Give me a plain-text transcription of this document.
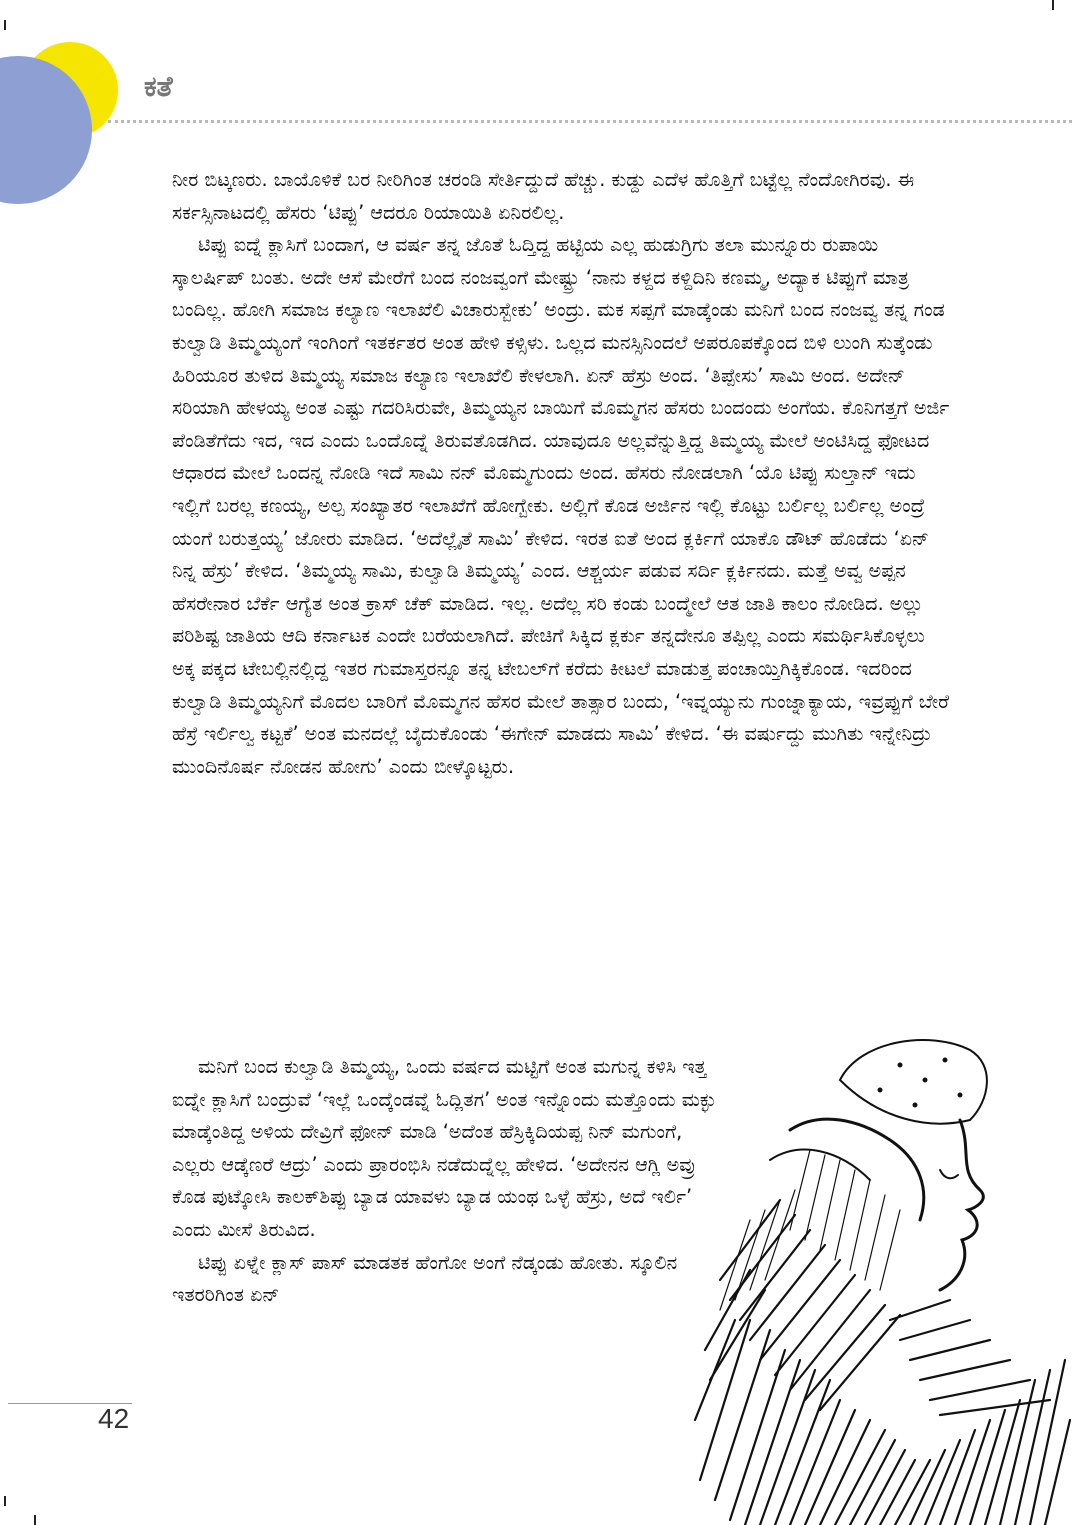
ಕತೆ

ನೀರ ಬಿಟ್ಕಣರು. ಬಾಯೊಳಿಕೆ ಬರ ನೀರಿಗಿಂತ ಚರಂಡಿ ಸೇರ್ತಿದ್ದುದೆ ಹೆಚ್ಚು. ಕುಡ್ದು ಎದೆಳ ಹೊತ್ತಿಗೆ ಬಟ್ಟೆಲ್ಲ ನೆಂದೋಗಿರವು. ಈ ಸರ್ಕಸ್ಸಿನಾಟದಲ್ಲಿ ಹೆಸರು ‘ಟಿಪ್ಪು’ ಆದರೂ ರಿಯಾಯಿತಿ ಏನಿರಲಿಲ್ಲ.

ಟಿಪ್ಪು ಐದ್ನೆ ಕ್ಲಾಸಿಗೆ ಬಂದಾಗ, ಆ ವರ್ಷ ತನ್ನ ಜೊತೆ ಓದ್ತಿದ್ದ ಹಟ್ಟಿಯ ಎಲ್ಲ ಹುಡುಗ್ರಿಗು ತಲಾ ಮುನ್ನೂರು ರುಪಾಯಿ ಸ್ಕಾಲರ್ಷಿಪ್ ಬಂತು. ಅದೇ ಆಸೆ ಮೇರೆಗೆ ಬಂದ ನಂಜವ್ವಂಗೆ ಮೇಷ್ಟ್ರು ‘ನಾನು ಕಳ್ದದ ಕಳ್ದಿದಿನಿ ಕಣಮ್ಮ, ಅದ್ಯಾಕ ಟಿಪ್ಪುಗೆ ಮಾತ್ರ ಬಂದಿಲ್ಲ. ಹೋಗಿ ಸಮಾಜ ಕಲ್ಯಾಣ ಇಲಾಖೆಲಿ ವಿಚಾರುಸ್ಬೇಕು’ ಅಂದ್ರು. ಮಕ ಸಪ್ಪಗೆ ಮಾಡ್ಕೆಂಡು ಮನಿಗೆ ಬಂದ ನಂಜವ್ವ ತನ್ನ ಗಂಡ ಕುಲ್ವಾಡಿ ತಿಮ್ಮಯ್ಯಂಗೆ ಇಂಗಿಂಗೆ ಇತರ್ಕತರ ಅಂತ ಹೇಳಿ ಕಳ್ಸಿಳು. ಒಲ್ಲದ ಮನಸ್ಸಿನಿಂದಲೆ ಅಪರೂಪಕ್ಕೊಂದ ಬಿಳಿ ಲುಂಗಿ ಸುತ್ಕೆಂಡು ಹಿರಿಯೂರ ತುಳಿದ ತಿಮ್ಮಯ್ಯ ಸಮಾಜ ಕಲ್ಯಾಣ ಇಲಾಖೆಲಿ ಕೇಳಲಾಗಿ. ಏನ್ ಹೆಸ್ರು ಅಂದ. ‘ತಿಪ್ಪೇಸು’ ಸಾಮಿ ಅಂದ. ಅದೇನ್ ಸರಿಯಾಗಿ ಹೇಳಯ್ಯ ಅಂತ ಎಷ್ಟು ಗದರಿಸಿರುವೇ, ತಿಮ್ಮಯ್ಯನ ಬಾಯಿಗೆ ಮೊಮ್ಮಗನ ಹೆಸರು ಬಂದಂದು ಅಂಗೆಯ. ಕೊನಿಗತ್ತಗೆ ಅರ್ಜಿ ಪೆಂಡಿತೆಗೆದು ಇದ, ಇದ ಎಂದು ಒಂದೊದ್ನೆ ತಿರುವತೊಡಗಿದ. ಯಾವುದೂ ಅಲ್ಲವೆನ್ನುತ್ತಿದ್ದ ತಿಮ್ಮಯ್ಯ ಮೇಲೆ ಅಂಟಿಸಿದ್ದ ಫೋಟದ ಆಧಾರದ ಮೇಲೆ ಒಂದನ್ನ ನೋಡಿ ಇದೆ ಸಾಮಿ ನನ್ ಮೊಮ್ಮಗುಂದು ಅಂದ. ಹೆಸರು ನೋಡಲಾಗಿ ‘ಯೊ ಟಿಪ್ಪು ಸುಲ್ತಾನ್ ಇದು ಇಲ್ಲಿಗೆ ಬರಲ್ಲ ಕಣಯ್ಯ, ಅಲ್ಪ ಸಂಖ್ಯಾತರ ಇಲಾಖೆಗೆ ಹೋಗ್ಬೇಕು. ಅಲ್ಲಿಗೆ ಕೊಡ ಅರ್ಜಿನ ಇಲ್ಲಿ ಕೊಟ್ಟು ಬರ್ಲಿಲ್ಲ ಬರ್ಲಿಲ್ಲ ಅಂದ್ರೆ ಯಂಗೆ ಬರುತ್ತಯ್ಯ’ ಜೋರು ಮಾಡಿದ. ‘ಅದೆಲ್ಲೈತೆ ಸಾಮಿ’ ಕೇಳಿದ. ಇರತ ಐತೆ ಅಂದ ಕ್ಲರ್ಕಿಗೆ ಯಾಕೊ ಡೌಟ್ ಹೊಡೆದು ‘ಏನ್ ನಿನ್ನ ಹೆಸ್ರು’ ಕೇಳಿದ. ‘ತಿಮ್ಮಯ್ಯ ಸಾಮಿ, ಕುಲ್ವಾಡಿ ತಿಮ್ಮಯ್ಯ’ ಎಂದ. ಆಶ್ಚರ್ಯ ಪಡುವ ಸರ್ದಿ ಕ್ಲರ್ಕಿನದು. ಮತ್ತೆ ಅವ್ವ ಅಪ್ಪನ ಹೆಸರೇನಾರ ಬೆರ್ಕೆ ಆಗ್ಯೆತ ಅಂತ ಕ್ರಾಸ್ ಚೆಕ್ ಮಾಡಿದ. ಇಲ್ಲ. ಅದೆಲ್ಲ ಸರಿ ಕಂಡು ಬಂದ್ಮೇಲೆ ಆತ ಜಾತಿ ಕಾಲಂ ನೋಡಿದ. ಅಲ್ಲು ಪರಿಶಿಷ್ಟ ಜಾತಿಯ ಆದಿ ಕರ್ನಾಟಕ ಎಂದೇ ಬರೆಯಲಾಗಿದೆ. ಪೇಚಿಗೆ ಸಿಕ್ಕಿದ ಕ್ಲರ್ಕು ತನ್ನದೇನೂ ತಪ್ಪಿಲ್ಲ ಎಂದು ಸಮರ್ಥಿಸಿಕೊಳ್ಳಲು ಅಕ್ಕ ಪಕ್ಕದ ಟೇಬಲ್ಲಿನಲ್ಲಿದ್ದ ಇತರ ಗುಮಾಸ್ತರನ್ನೂ ತನ್ನ ಟೇಬಲ್‌ಗೆ ಕರೆದು ಕೀಟಲೆ ಮಾಡುತ್ತ ಪಂಚಾಯ್ತಿಗಿಕ್ಕಿಕೊಂಡ. ಇದರಿಂದ ಕುಲ್ವಾಡಿ ತಿಮ್ಮಯ್ಯನಿಗೆ ಮೊದಲ ಬಾರಿಗೆ ಮೊಮ್ಮಗನ ಹೆಸರ ಮೇಲೆ ತಾತ್ಸಾರ ಬಂದು, ‘ಇವ್ನಯ್ಯುನು ಗುಂಜ್ನಾಕ್ಯಾಯ, ಇವ್ರಪ್ಪುಗೆ ಬೇರೆ ಹೆಸ್ರೆ ಇರ್ಲಿಲ್ವ ಕಟ್ಟಕೆ’ ಅಂತ ಮನದಲ್ಲೆ ಬೈದುಕೊಂಡು ‘ಈಗೇನ್ ಮಾಡದು ಸಾಮಿ’ ಕೇಳಿದ. ‘ಈ ವರ್ಷುದ್ದು ಮುಗಿತು ಇನ್ನೇನಿದ್ರು ಮುಂದಿನೊರ್ಷ ನೋಡನ ಹೋಗು’ ಎಂದು ಬೀಳ್ಕೊಟ್ಟರು.

ಮನಿಗೆ ಬಂದ ಕುಲ್ವಾಡಿ ತಿಮ್ಮಯ್ಯ, ಒಂದು ವರ್ಷದ ಮಟ್ಟಿಗೆ ಅಂತ ಮಗುನ್ನ ಕಳಿಸಿ ಇತ್ತ ಐದ್ನೇ ಕ್ಲಾಸಿಗೆ ಬಂದ್ರುವೆ ‘ಇಲ್ಲೆ ಒಂದ್ಕೆಂಡವ್ನೆ ಓದ್ಲಿತಗ’ ಅಂತ ಇನ್ನೊಂದು ಮತ್ತೊಂದು ಮಕ್ಳು ಮಾಡ್ಕೆಂತಿದ್ದ ಅಳಿಯ ದೇವ್ರಿಗೆ ಫೋನ್ ಮಾಡಿ ‘ಅದೆಂತ ಹೆಸ್ರಿಕ್ಕಿದಿಯಪ್ಪ ನಿನ್ ಮಗುಂಗೆ, ಎಲ್ಲರು ಆಡ್ಕೆಣರೆ ಆದ್ರು’ ಎಂದು ಪ್ರಾರಂಭಿಸಿ ನಡೆದುದ್ನೆಲ್ಲ ಹೇಳಿದ. ‘ಅದೇನನ ಆಗ್ಲಿ ಅವ್ರು ಕೊಡ ಪುಟ್ಕೋಸಿ ಕಾಲಕ್‌ಶಿಪ್ಪು ಬ್ಯಾಡ ಯಾವಳು ಬ್ಯಾಡ ಯಂಥ ಒಳ್ಳೆ ಹೆಸ್ರು, ಅದೆ ಇರ್ಲಿ’ ಎಂದು ಮೀಸೆ ತಿರುವಿದ.

ಟಿಪ್ಪು ಏಳ್ನೇ ಕ್ಲಾಸ್ ಪಾಸ್ ಮಾಡತಕ ಹೆಂಗೋ ಅಂಗೆ ನೆಡ್ಕಂಡು ಹೋತು. ಸ್ಕೂಲಿನ ಇತರರಿಗಿಂತ ಏನ್

42
